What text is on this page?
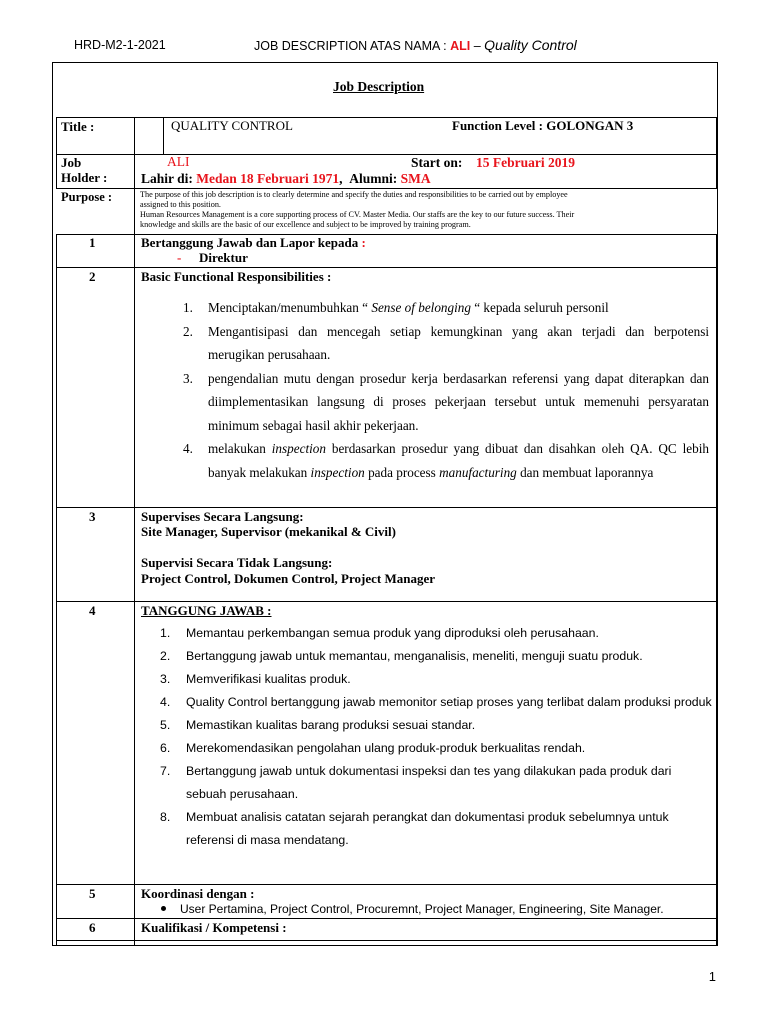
HRD-M2-1-2021	JOB DESCRIPTION ATAS NAMA : ALI – Quality Control
Job Description
Title :	QUALITY CONTROL	Function Level : GOLONGAN 3
Job
Holder :
ALI	Start on: 15 Februari 2019
Lahir di: Medan 18 Februari 1971, Alumni: SMA
Purpose :	The purpose of this job description is to clearly determine and specify the duties and responsibilities to be carried out by employee
assigned to this position.
Human Resources Management is a core supporting process of CV. Master Media. Our staffs are the key to our future success. Their
knowledge and skills are the basic of our excellence and subject to be improved by training program.
1	Bertanggung Jawab dan Lapor kepada :
- Direktur
2	Basic Functional Responsibilities :
1. Menciptakan/menumbuhkan “ Sense of belonging “ kepada seluruh personil
2. Mengantisipasi dan mencegah setiap kemungkinan yang akan terjadi dan berpotensi merugikan perusahaan.
3. pengendalian mutu dengan prosedur kerja berdasarkan referensi yang dapat diterapkan dan diimplementasikan langsung di proses pekerjaan tersebut untuk memenuhi persyaratan minimum sebagai hasil akhir pekerjaan.
4. melakukan inspection berdasarkan prosedur yang dibuat dan disahkan oleh QA. QC lebih banyak melakukan inspection pada process manufacturing dan membuat laporannya
3	Supervises Secara Langsung:
Site Manager, Supervisor (mekanikal & Civil)
Supervisi Secara Tidak Langsung:
Project Control, Dokumen Control, Project Manager
4	TANGGUNG JAWAB :
1. Memantau perkembangan semua produk yang diproduksi oleh perusahaan.
2. Bertanggung jawab untuk memantau, menganalisis, meneliti, menguji suatu produk.
3. Memverifikasi kualitas produk.
4. Quality Control bertanggung jawab memonitor setiap proses yang terlibat dalam produksi produk
5. Memastikan kualitas barang produksi sesuai standar.
6. Merekomendasikan pengolahan ulang produk-produk berkualitas rendah.
7. Bertanggung jawab untuk dokumentasi inspeksi dan tes yang dilakukan pada produk dari sebuah perusahaan.
8. Membuat analisis catatan sejarah perangkat dan dokumentasi produk sebelumnya untuk referensi di masa mendatang.
5	Koordinasi dengan :
User Pertamina, Project Control, Procuremnt, Project Manager, Engineering, Site Manager.
6	Kualifikasi / Kompetensi :
1
